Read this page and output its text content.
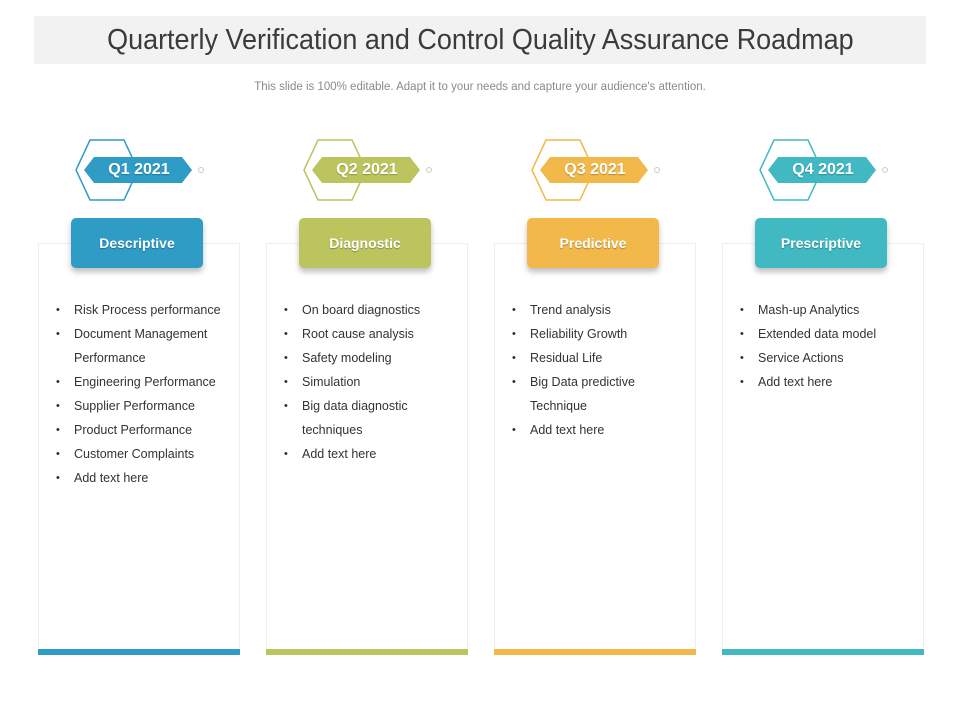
Quarterly Verification and Control Quality Assurance Roadmap
This slide is 100% editable. Adapt it to your needs and capture your audience's attention.
Q1 2021
Descriptive
• Risk Process performance
• Document Management Performance
• Engineering Performance
• Supplier Performance
• Product Performance
• Customer Complaints
• Add text here
Q2 2021
Diagnostic
• On board diagnostics
• Root cause analysis
• Safety modeling
• Simulation
• Big data diagnostic techniques
• Add text here
Q3 2021
Predictive
• Trend analysis
• Reliability Growth
• Residual Life
• Big Data predictive Technique
• Add text here
Q4 2021
Prescriptive
• Mash-up Analytics
• Extended data model
• Service Actions
• Add text here
